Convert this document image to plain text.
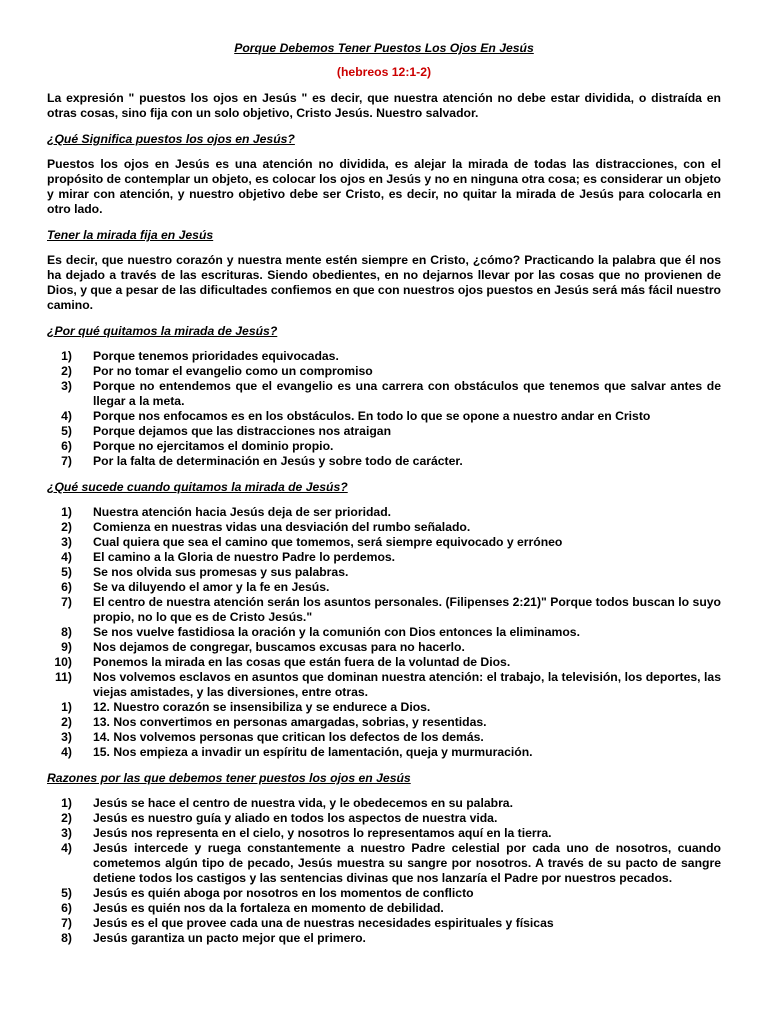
Porque Debemos Tener Puestos Los Ojos En Jesús
(hebreos 12:1-2)
La expresión " puestos los ojos en Jesús " es decir, que nuestra atención no debe estar dividida, o distraída en otras cosas, sino fija con un solo objetivo, Cristo Jesús. Nuestro salvador.
¿Qué Significa puestos los ojos en Jesús?
Puestos los ojos en Jesús es una atención no dividida, es alejar la mirada de todas las distracciones, con el propósito de contemplar un objeto, es colocar los ojos en Jesús y no en ninguna otra cosa; es considerar un objeto y mirar con atención, y nuestro objetivo debe ser Cristo, es decir, no quitar la mirada de Jesús para colocarla en otro lado.
Tener la mirada fija en Jesús
Es decir, que nuestro corazón y nuestra mente estén siempre en Cristo, ¿cómo? Practicando la palabra que él nos ha dejado a través de las escrituras. Siendo obedientes, en no dejarnos llevar por las cosas que no provienen de Dios, y que a pesar de las dificultades confiemos en que con nuestros ojos puestos en Jesús será más fácil nuestro camino.
¿Por qué quitamos la mirada de Jesús?
1)	Porque tenemos prioridades equivocadas.
2)	Por no tomar el evangelio como un compromiso
3)	Porque no entendemos que el evangelio es una carrera con obstáculos que tenemos que salvar antes de llegar a la meta.
4)	Porque nos enfocamos es en los obstáculos. En todo lo que se opone a nuestro andar en Cristo
5)	Porque dejamos que las distracciones nos atraigan
6)	Porque no ejercitamos el dominio propio.
7)	Por la falta de determinación en Jesús y sobre todo de carácter.
¿Qué sucede cuando quitamos la mirada de Jesús?
1)	Nuestra atención hacia Jesús deja de ser prioridad.
2)	Comienza en nuestras vidas una desviación del rumbo señalado.
3)	Cual quiera que sea el camino que tomemos, será siempre equivocado y erróneo
4)	El camino a la Gloria de nuestro Padre lo perdemos.
5)	Se nos olvida sus promesas y sus palabras.
6)	Se va diluyendo el amor y la fe en Jesús.
7)	El centro de nuestra atención serán los asuntos personales. (Filipenses 2:21)" Porque todos buscan lo suyo propio, no lo que es de Cristo Jesús."
8)	Se nos vuelve fastidiosa la oración y la comunión con Dios entonces la eliminamos.
9)	Nos dejamos de congregar, buscamos excusas para no hacerlo.
10)	Ponemos la mirada en las cosas que están fuera de la voluntad de Dios.
11)	Nos volvemos esclavos en asuntos que dominan nuestra atención: el trabajo, la televisión, los deportes, las viejas amistades, y las diversiones, entre otras.
1)	12. Nuestro corazón se insensibiliza y se endurece a Dios.
2)	13. Nos convertimos en personas amargadas, sobrias, y resentidas.
3)	14. Nos volvemos personas que critican los defectos de los demás.
4)	15. Nos empieza a invadir un espíritu de lamentación, queja y murmuración.
Razones por las que debemos tener puestos los ojos en Jesús
1)	Jesús se hace el centro de nuestra vida, y le obedecemos en su palabra.
2)	Jesús es nuestro guía y aliado en todos los aspectos de nuestra vida.
3)	Jesús nos representa en el cielo, y nosotros lo representamos aquí en la tierra.
4)	Jesús intercede y ruega constantemente a nuestro Padre celestial por cada uno de nosotros, cuando cometemos algún tipo de pecado, Jesús muestra su sangre por nosotros. A través de su pacto de sangre detiene todos los castigos y las sentencias divinas que nos lanzaría el Padre por nuestros pecados.
5)	Jesús es quién aboga por nosotros en los momentos de conflicto
6)	Jesús es quién nos da la fortaleza en momento de debilidad.
7)	Jesús es el que provee cada una de nuestras necesidades espirituales y físicas
8)	Jesús garantiza un pacto mejor que el primero.
